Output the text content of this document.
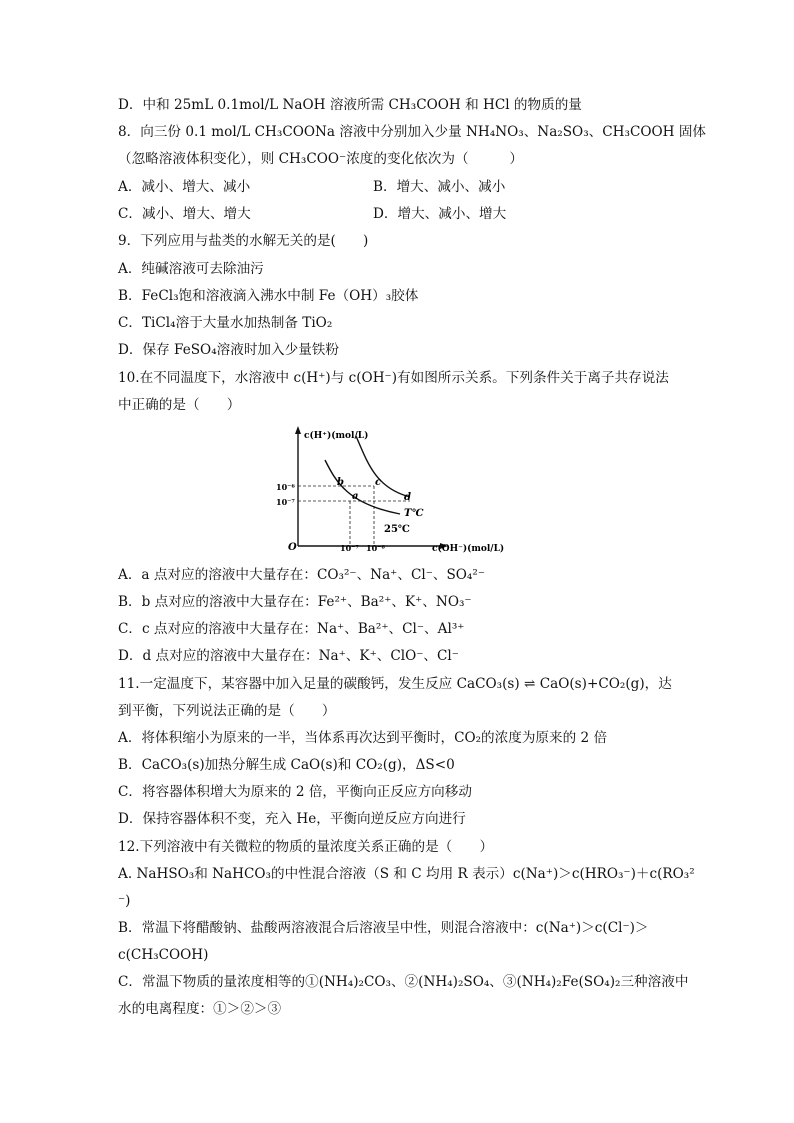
D．中和 25mL 0.1mol/L NaOH 溶液所需 CH₃COOH 和 HCl 的物质的量
8．向三份 0.1 mol/L CH₃COONa 溶液中分别加入少量 NH₄NO₃、Na₂SO₃、CH₃COOH 固体
（忽略溶液体积变化），则 CH₃COO⁻浓度的变化依次为（　　　）
A．减小、增大、减小	B．增大、减小、减小
C．减小、增大、增大	D．增大、减小、增大
9．下列应用与盐类的水解无关的是(　　)
A．纯碱溶液可去除油污
B．FeCl₃饱和溶液滴入沸水中制 Fe（OH）₃胶体
C．TiCl₄溶于大量水加热制备 TiO₂
D．保存 FeSO₄溶液时加入少量铁粉
10.在不同温度下，水溶液中 c(H⁺)与 c(OH⁻)有如图所示关系。下列条件关于离子共存说法
中正确的是（　　）
c(H⁺)(mol/L)
c(OH⁻)(mol/L)
O
10⁻⁶
10⁻⁷
10⁻⁷ 10⁻⁶
b
a
c
d
T℃
25℃
A．a 点对应的溶液中大量存在：CO₃²⁻、Na⁺、Cl⁻、SO₄²⁻
B．b 点对应的溶液中大量存在：Fe²⁺、Ba²⁺、K⁺、NO₃⁻
C．c 点对应的溶液中大量存在：Na⁺、Ba²⁺、Cl⁻、Al³⁺
D．d 点对应的溶液中大量存在：Na⁺、K⁺、ClO⁻、Cl⁻
11.一定温度下，某容器中加入足量的碳酸钙，发生反应 CaCO₃(s) ⇌ CaO(s)+CO₂(g)，达
到平衡，下列说法正确的是（　　）
A．将体积缩小为原来的一半，当体系再次达到平衡时，CO₂的浓度为原来的 2 倍
B．CaCO₃(s)加热分解生成 CaO(s)和 CO₂(g)，ΔS<0
C．将容器体积增大为原来的 2 倍，平衡向正反应方向移动
D．保持容器体积不变，充入 He，平衡向逆反应方向进行
12.下列溶液中有关微粒的物质的量浓度关系正确的是（　　）
A. NaHSO₃和 NaHCO₃的中性混合溶液（S 和 C 均用 R 表示）c(Na⁺)＞c(HRO₃⁻)＋c(RO₃²
⁻)
B．常温下将醋酸钠、盐酸两溶液混合后溶液呈中性，则混合溶液中：c(Na⁺)＞c(Cl⁻)＞
c(CH₃COOH)
C．常温下物质的量浓度相等的①(NH₄)₂CO₃、②(NH₄)₂SO₄、③(NH₄)₂Fe(SO₄)₂三种溶液中
水的电离程度：①＞②＞③
